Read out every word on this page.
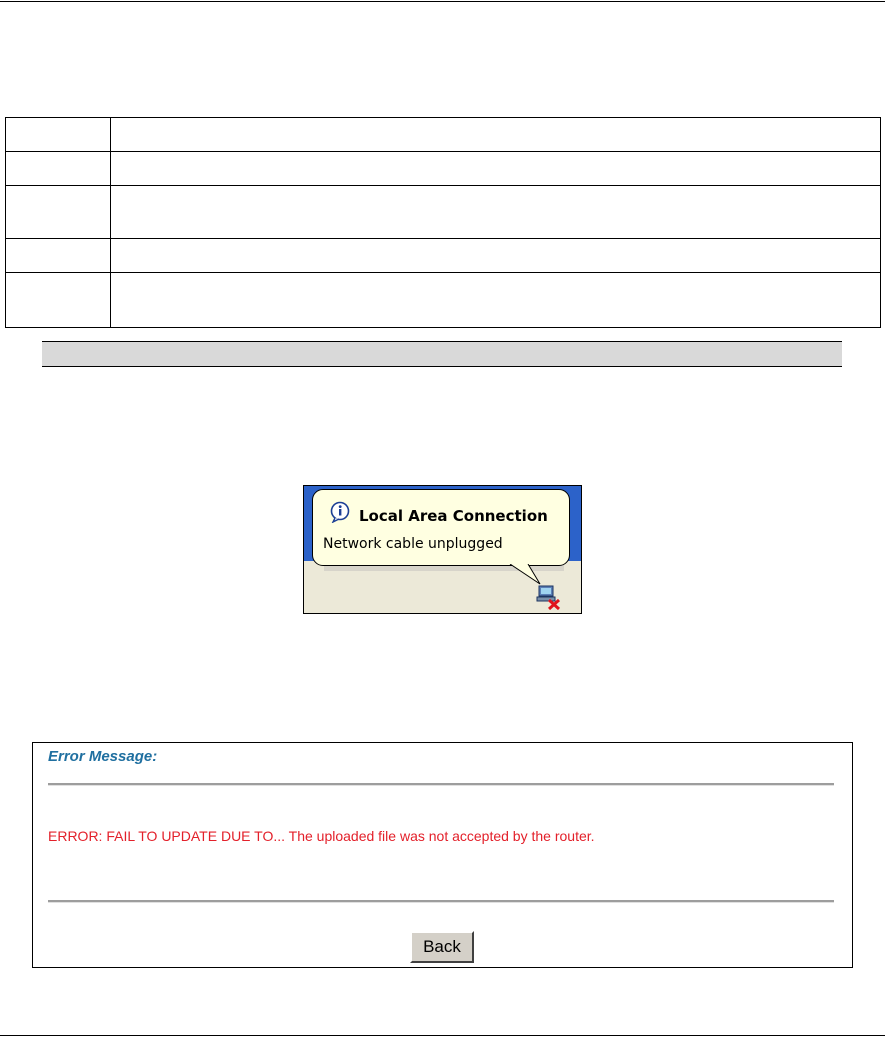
Local Area Connection
Network cable unplugged
Error Message:
ERROR: FAIL TO UPDATE DUE TO... The uploaded file was not accepted by the router.
Back
